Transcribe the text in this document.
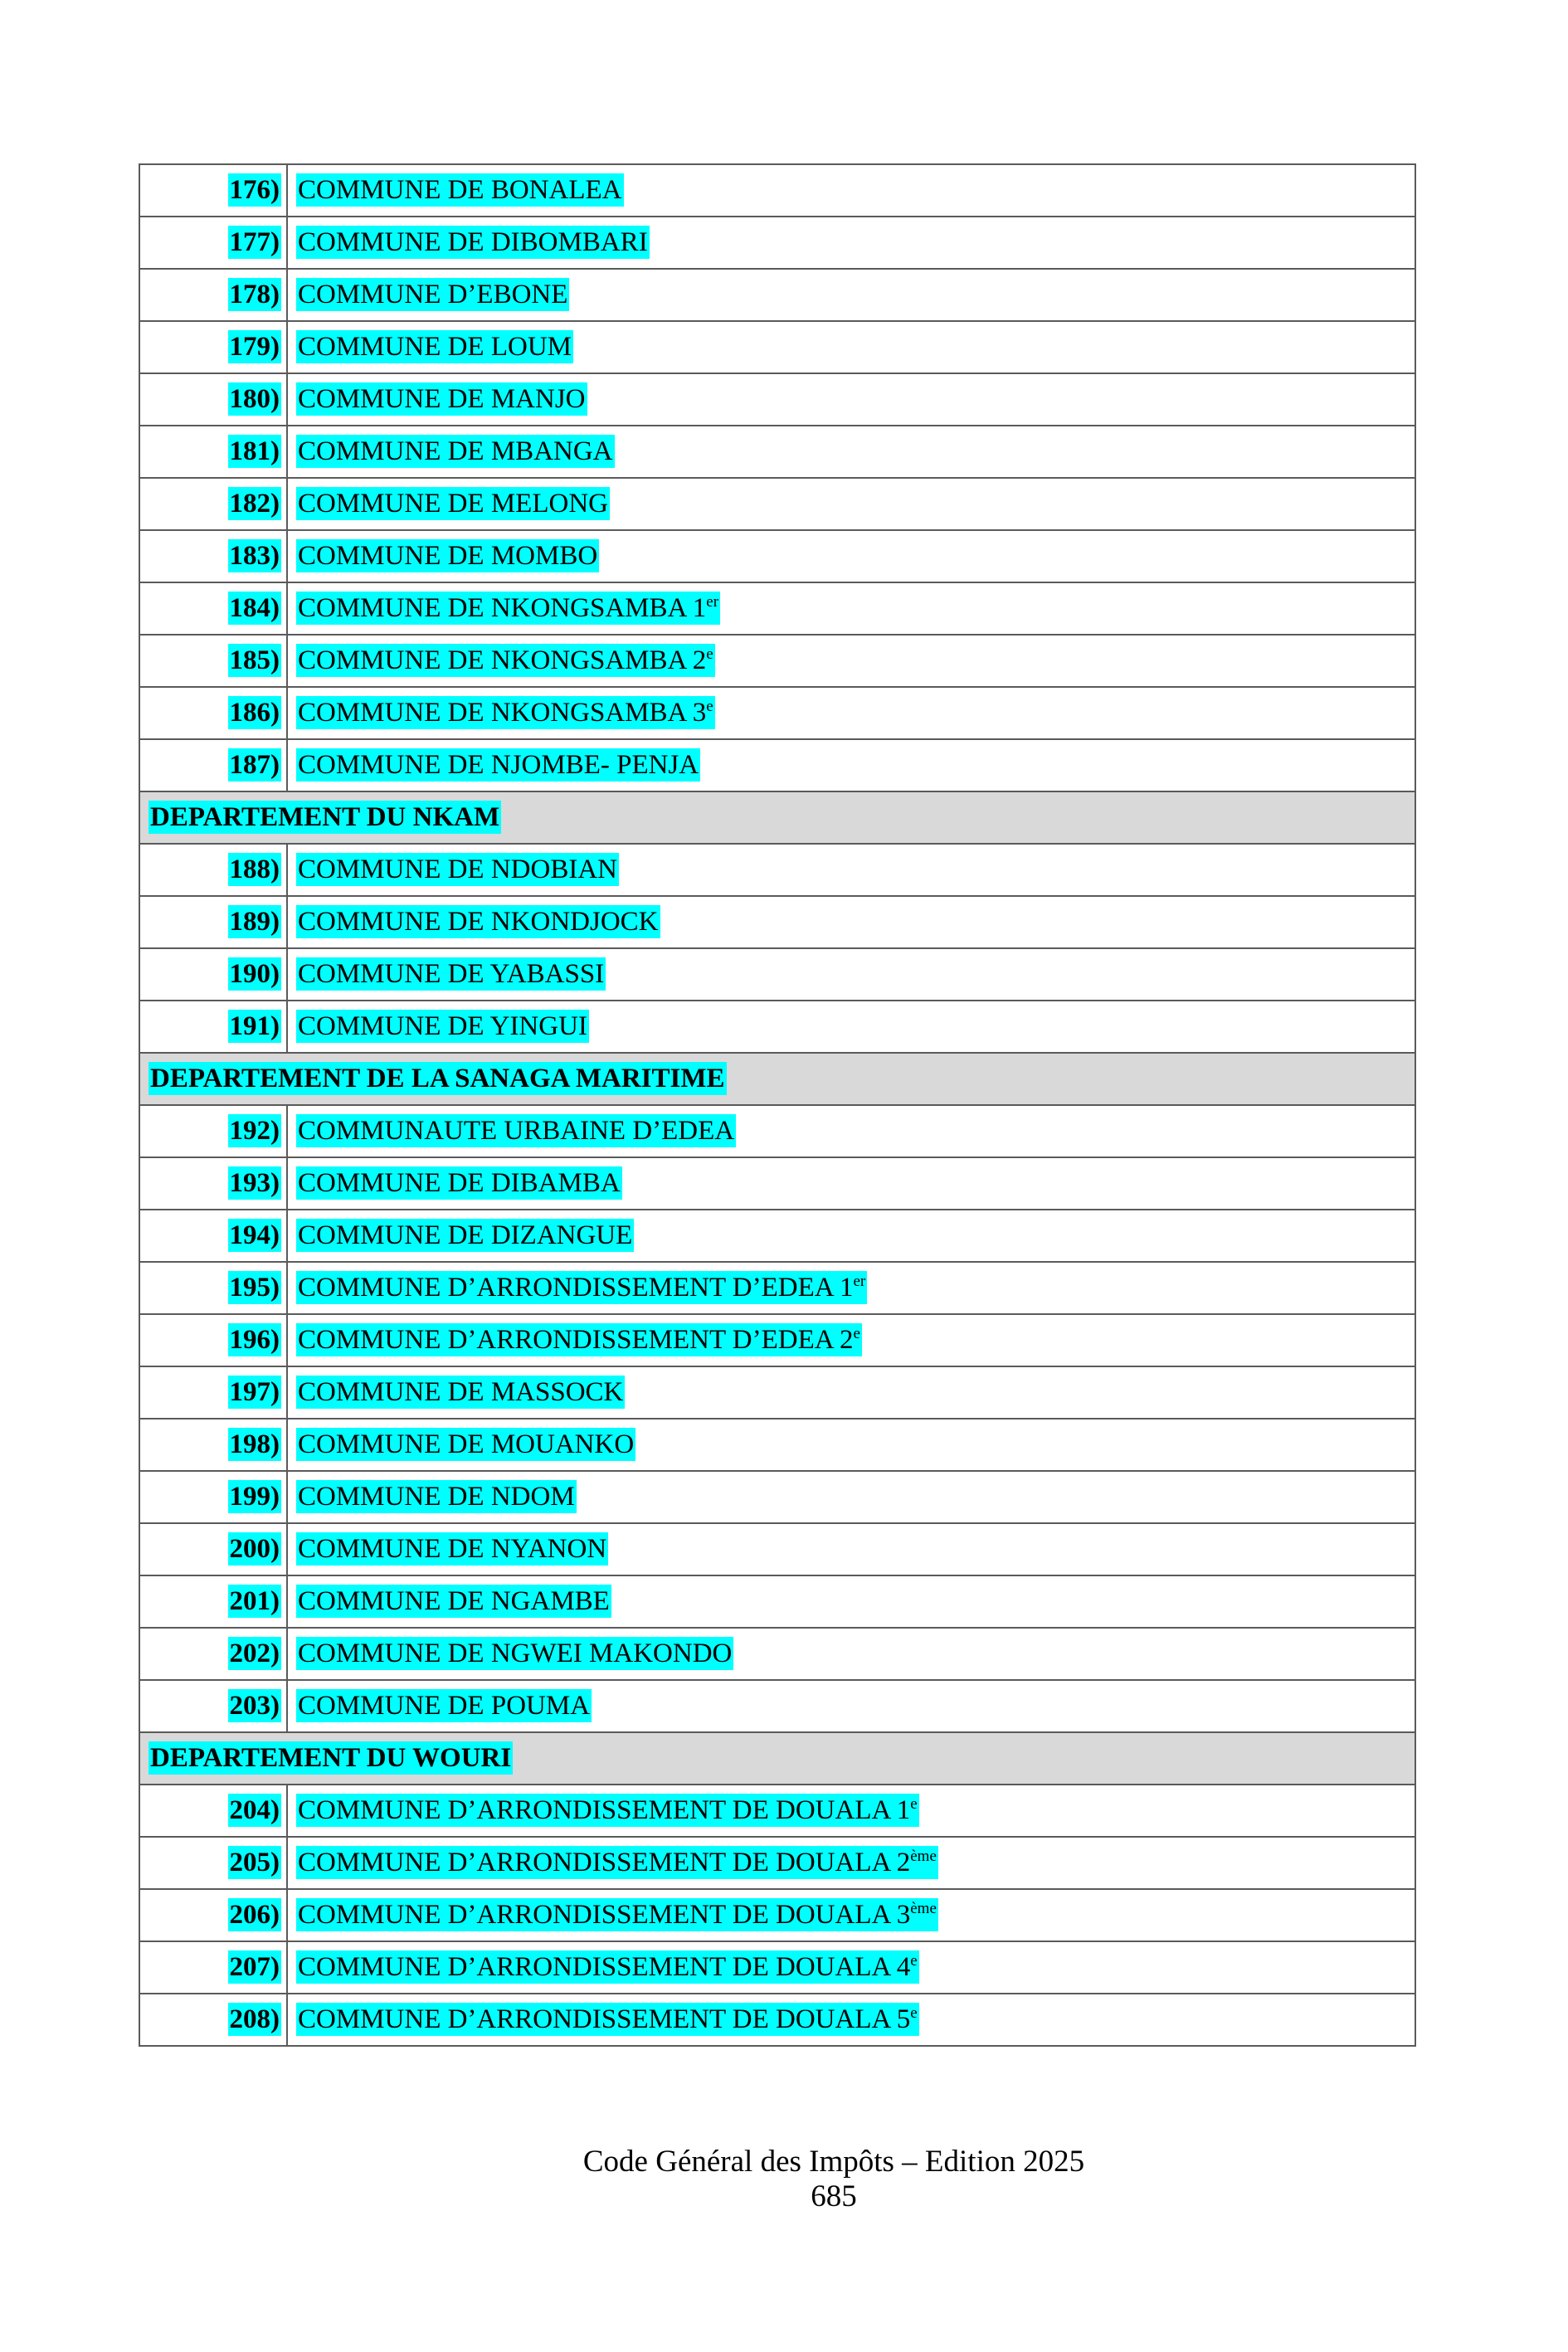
176)	COMMUNE DE BONALEA
177)	COMMUNE DE DIBOMBARI
178)	COMMUNE D’EBONE
179)	COMMUNE DE LOUM
180)	COMMUNE DE MANJO
181)	COMMUNE DE MBANGA
182)	COMMUNE DE MELONG
183)	COMMUNE DE MOMBO
184)	COMMUNE DE NKONGSAMBA 1er
185)	COMMUNE DE NKONGSAMBA 2e
186)	COMMUNE DE NKONGSAMBA 3e
187)	COMMUNE DE NJOMBE- PENJA
DEPARTEMENT DU NKAM	
188)	COMMUNE DE NDOBIAN
189)	COMMUNE DE NKONDJOCK
190)	COMMUNE DE YABASSI
191)	COMMUNE DE YINGUI
DEPARTEMENT DE LA SANAGA MARITIME	
192)	COMMUNAUTE URBAINE D’EDEA
193)	COMMUNE DE DIBAMBA
194)	COMMUNE DE DIZANGUE
195)	COMMUNE D’ARRONDISSEMENT D’EDEA 1er
196)	COMMUNE D’ARRONDISSEMENT D’EDEA 2e
197)	COMMUNE DE MASSOCK
198)	COMMUNE DE MOUANKO
199)	COMMUNE DE NDOM
200)	COMMUNE DE NYANON
201)	COMMUNE DE NGAMBE
202)	COMMUNE DE NGWEI MAKONDO
203)	COMMUNE DE POUMA
DEPARTEMENT DU WOURI	
204)	COMMUNE D’ARRONDISSEMENT DE DOUALA 1e
205)	COMMUNE D’ARRONDISSEMENT DE DOUALA 2ème
206)	COMMUNE D’ARRONDISSEMENT DE DOUALA 3ème
207)	COMMUNE D’ARRONDISSEMENT DE DOUALA 4e
208)	COMMUNE D’ARRONDISSEMENT DE DOUALA 5e
Code Général des Impôts – Edition 2025
685
